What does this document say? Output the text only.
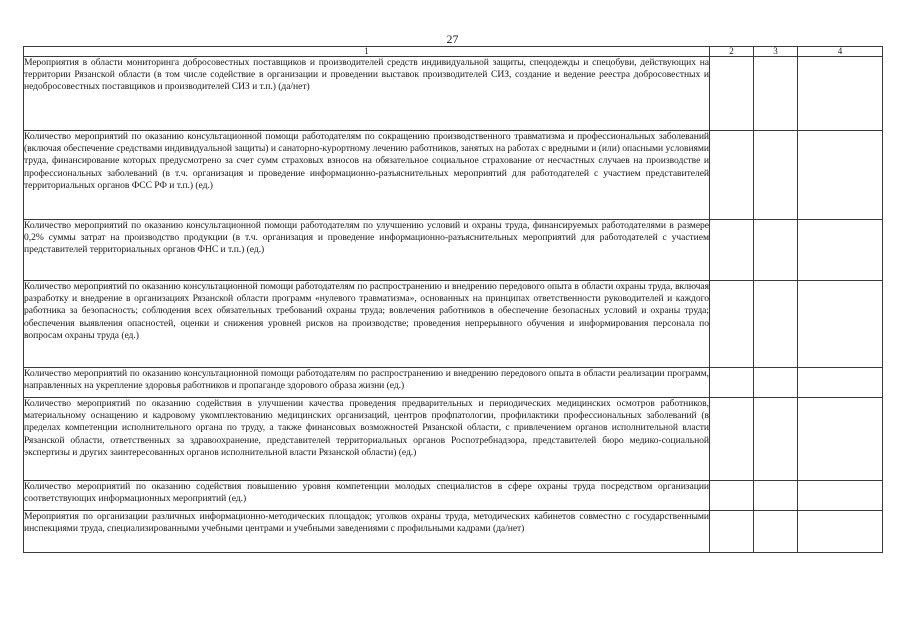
27
1	2	3	4
Мероприятия в области мониторинга добросовестных поставщиков и производителей средств индивидуальной защиты, спецодежды и спецобуви, действующих на территории Рязанской области (в том числе содействие в организации и проведении выставок производителей СИЗ, создание и ведение реестра добросовестных и недобросовестных поставщиков и производителей СИЗ и т.п.) (да/нет)			
Количество мероприятий по оказанию консультационной помощи работодателям по сокращению производственного травматизма и профессиональных заболеваний (включая обеспечение средствами индивидуальной защиты) и санаторно-курортному лечению работников, занятых на работах с вредными и (или) опасными условиями труда, финансирование которых предусмотрено за счет сумм страховых взносов на обязательное социальное страхование от несчастных случаев на производстве и профессиональных заболеваний (в т.ч. организация и проведение информационно-разъяснительных мероприятий для работодателей с участием представителей территориальных органов ФСС РФ и т.п.) (ед.)			
Количество мероприятий по оказанию консультационной помощи работодателям по улучшению условий и охраны труда, финансируемых работодателями в размере 0,2% суммы затрат на производство продукции (в т.ч. организация и проведение информационно-разъяснительных мероприятий для работодателей с участием представителей территориальных органов ФНС и т.п.) (ед.)			
Количество мероприятий по оказанию консультационной помощи работодателям по распространению и внедрению передового опыта в области охраны труда, включая разработку и внедрение в организациях Рязанской области программ «нулевого травматизма», основанных на принципах ответственности руководителей и каждого работника за безопасность; соблюдения всех обязательных требований охраны труда; вовлечения работников в обеспечение безопасных условий и охраны труда; обеспечения выявления опасностей, оценки и снижения уровней рисков на производстве; проведения непрерывного обучения и информирования персонала по вопросам охраны труда (ед.)			
Количество мероприятий по оказанию консультационной помощи работодателям по распространению и внедрению передового опыта в области реализации программ, направленных на укрепление здоровья работников и пропаганде здорового образа жизни (ед.)			
Количество мероприятий по оказанию содействия в улучшении качества проведения предварительных и периодических медицинских осмотров работников, материальному оснащению и кадровому укомплектованию медицинских организаций, центров профпатологии, профилактики профессиональных заболеваний (в пределах компетенции исполнительного органа по труду, а также финансовых возможностей Рязанской области, с привлечением органов исполнительной власти Рязанской области, ответственных за здравоохранение, представителей территориальных органов Роспотребнадзора, представителей бюро медико-социальной экспертизы и других заинтересованных органов исполнительной власти Рязанской области) (ед.)			
Количество мероприятий по оказанию содействия повышению уровня компетенции молодых специалистов в сфере охраны труда посредством организации соответствующих информационных мероприятий (ед.)			
Мероприятия по организации различных информационно-методических площадок; уголков охраны труда, методических кабинетов совместно с государственными инспекциями труда, специализированными учебными центрами и учебными заведениями с профильными кадрами (да/нет)			
